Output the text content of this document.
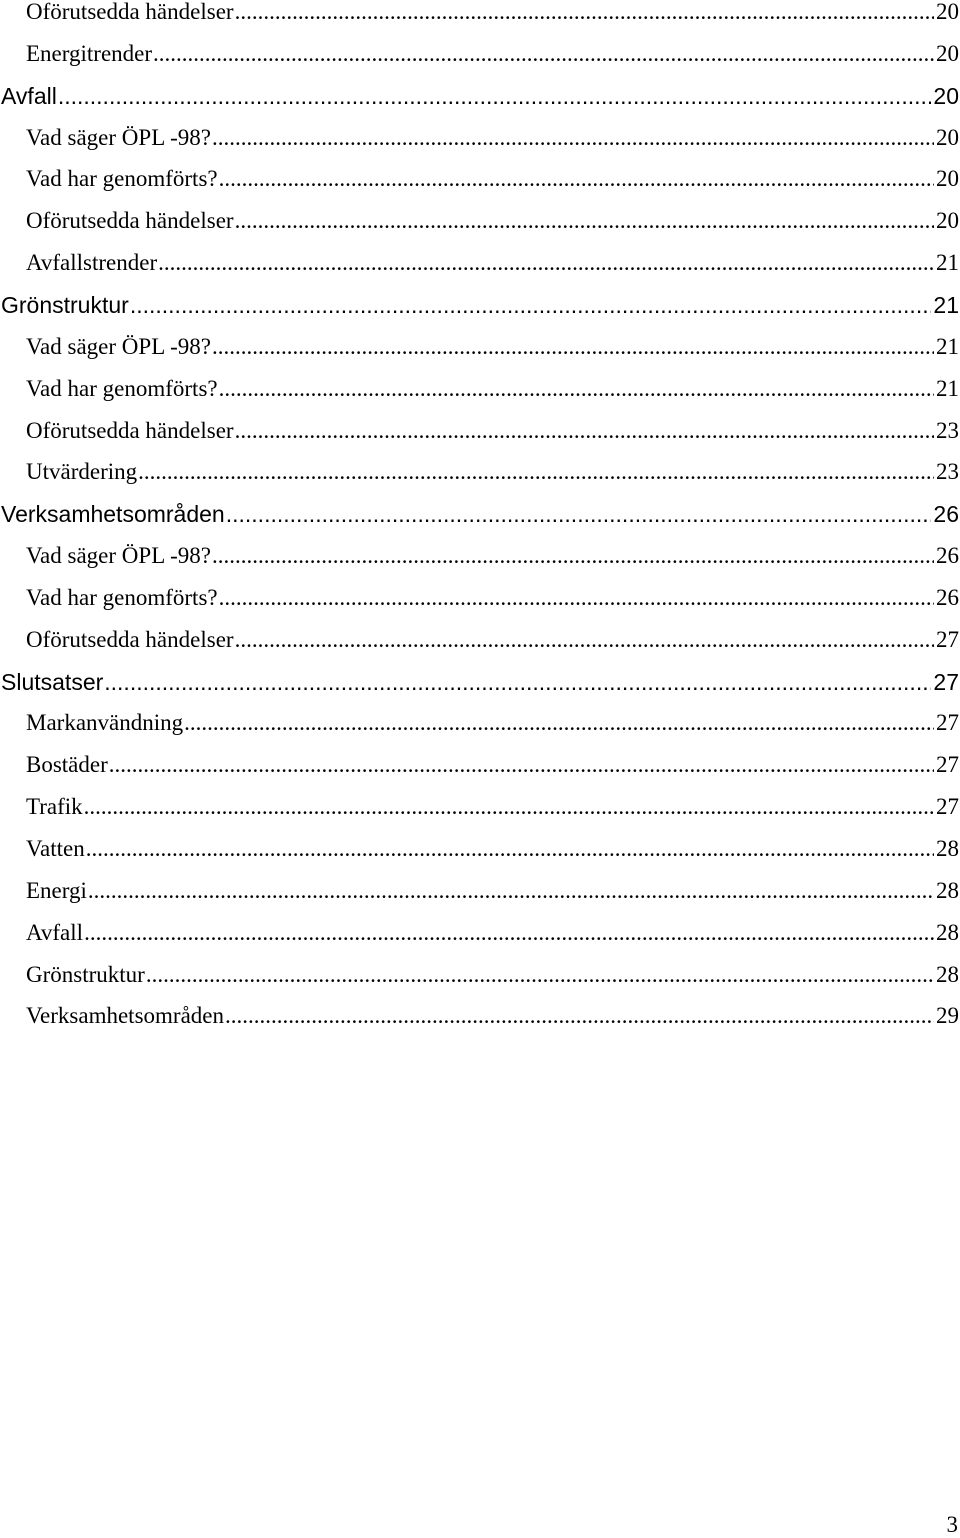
Oförutsedda händelser .....	20
Energitrender .....	20
Avfall .....	20
Vad säger ÖPL -98? .....	20
Vad har genomförts? .....	20
Oförutsedda händelser .....	20
Avfallstrender .....	21
Grönstruktur .....	21
Vad säger ÖPL -98? .....	21
Vad har genomförts? .....	21
Oförutsedda händelser .....	23
Utvärdering .....	23
Verksamhetsområden .....	26
Vad säger ÖPL -98? .....	26
Vad har genomförts? .....	26
Oförutsedda händelser .....	27
Slutsatser .....	27
Markanvändning .....	27
Bostäder .....	27
Trafik .....	27
Vatten .....	28
Energi .....	28
Avfall .....	28
Grönstruktur .....	28
Verksamhetsområden .....	29
3
